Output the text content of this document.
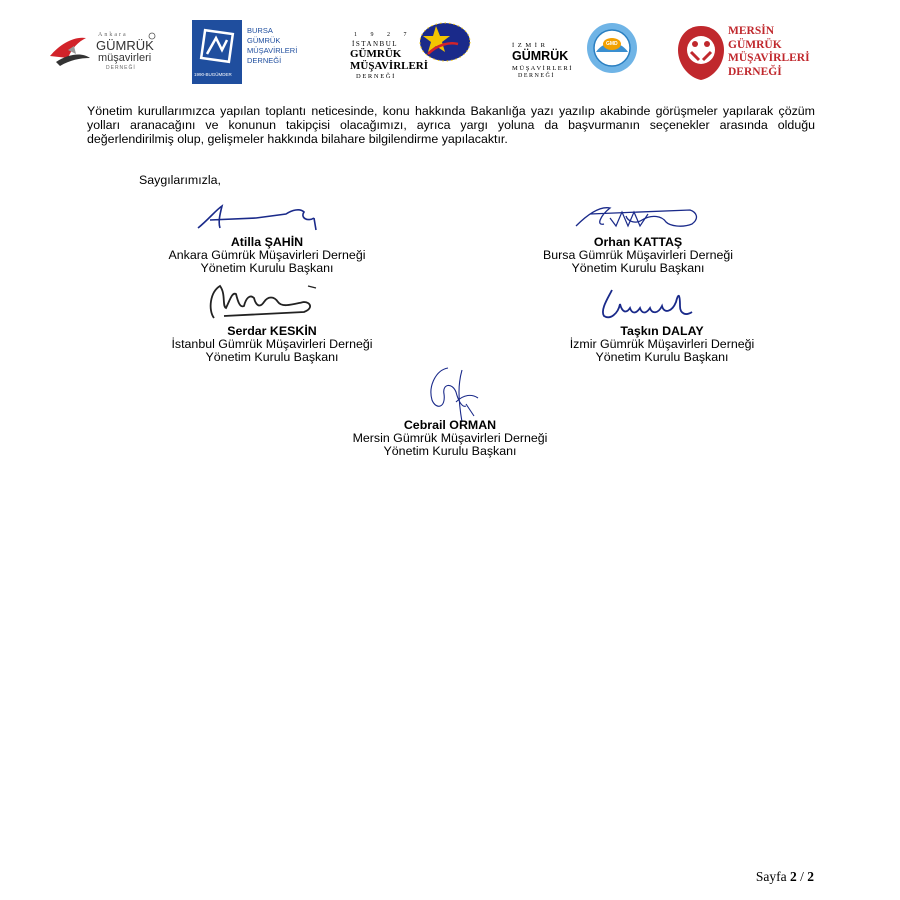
Ankara
GÜMRÜK
müşavirleri
DERNEĞİ
1990-BUGÜMDER
BURSA
GÜMRÜK
MÜŞAVİRLERİ
DERNEĞİ
1 9 2 7
İSTANBUL
GÜMRÜK
MÜŞAVİRLERİ
D E R N E Ğ İ
GMD
İ Z M İ R
GÜMRÜK
M Ü Ş A V İ R L E R İ
D E R N E Ğ İ
MERSİN
GÜMRÜK
MÜŞAVİRLERİ
DERNEĞİ
Yönetim kurullarımızca yapılan toplantı neticesinde, konu hakkında Bakanlığa yazı yazılıp akabinde görüşmeler yapılarak çözüm yolları aranacağını ve konunun takipçisi olacağımızı, ayrıca yargı yoluna da başvurmanın seçenekler arasında olduğu değerlendirilmiş olup, gelişmeler hakkında bilahare bilgilendirme yapılacaktır.
Saygılarımızla,
Atilla ŞAHİN
Ankara Gümrük Müşavirleri Derneği
Yönetim Kurulu Başkanı
Orhan KATTAŞ
Bursa Gümrük Müşavirleri Derneği
Yönetim Kurulu Başkanı
Serdar KESKİN
İstanbul Gümrük Müşavirleri Derneği
Yönetim Kurulu Başkanı
Taşkın DALAY
İzmir Gümrük Müşavirleri Derneği
Yönetim Kurulu Başkanı
Cebrail ORMAN
Mersin Gümrük Müşavirleri Derneği
Yönetim Kurulu Başkanı
Sayfa 2 / 2
